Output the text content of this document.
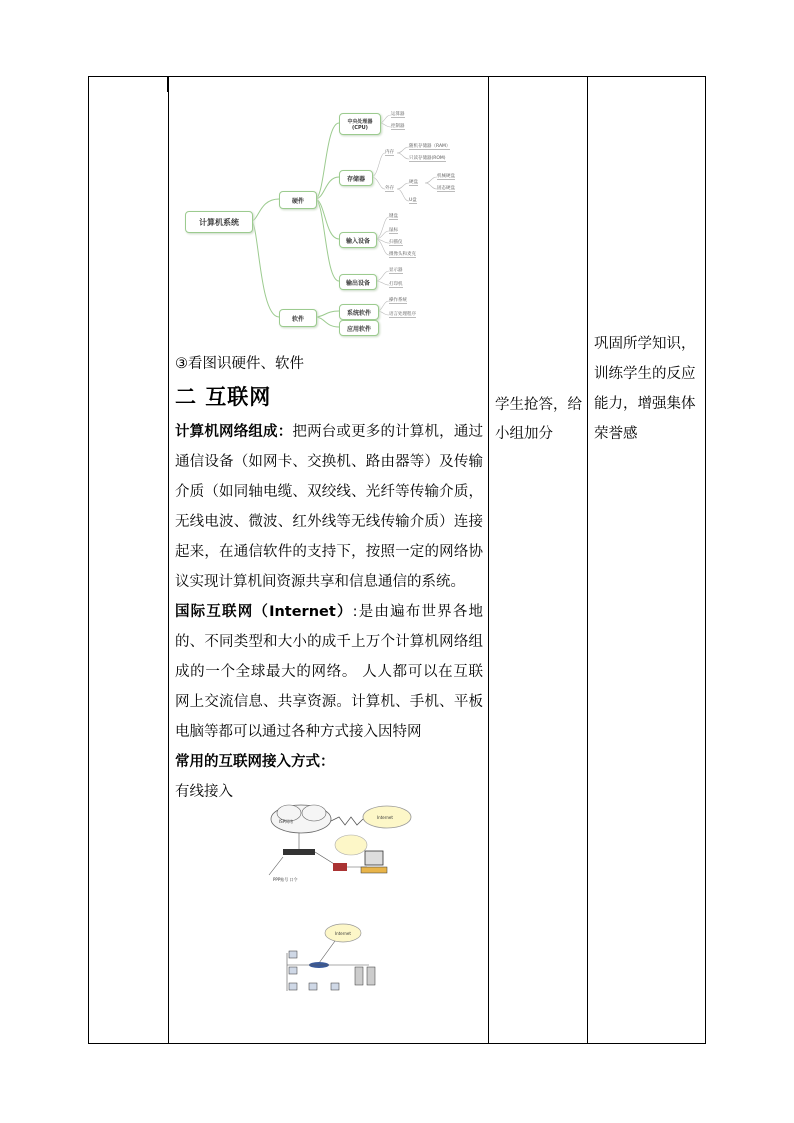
计算机系统
硬件
软件
中央处理器
(CPU)
存储器
输入设备
输出设备
系统软件
应用软件
运算器
控制器
内存
随机存储器（RAM）
只读存储器(ROM)
外存
硬盘
机械硬盘
固态硬盘
U盘
键盘
鼠标
扫描仪
摄像头和麦克
显示器
打印机
操作系统
语言处理程序

③看图识硬件、软件

二 互联网

计算机网络组成：把两台或更多的计算机，通过通信设备（如网卡、交换机、路由器等）及传输介质（如同轴电缆、双绞线、光纤等传输介质，无线电波、微波、红外线等无线传输介质）连接起来，在通信软件的支持下，按照一定的网络协议实现计算机间资源共享和信息通信的系统。

国际互联网（Internet）:是由遍布世界各地的、不同类型和大小的成千上万个计算机网络组成的一个全球最大的网络。 人人都可以在互联网上交流信息、共享资源。计算机、手机、平板电脑等都可以通过各种方式接入因特网

常用的互联网接入方式：

有线接入

ISP网络
Internet
PPP账号 口令
Internet

学生抢答，给小组加分

巩固所学知识，训练学生的反应能力，增强集体荣誉感
